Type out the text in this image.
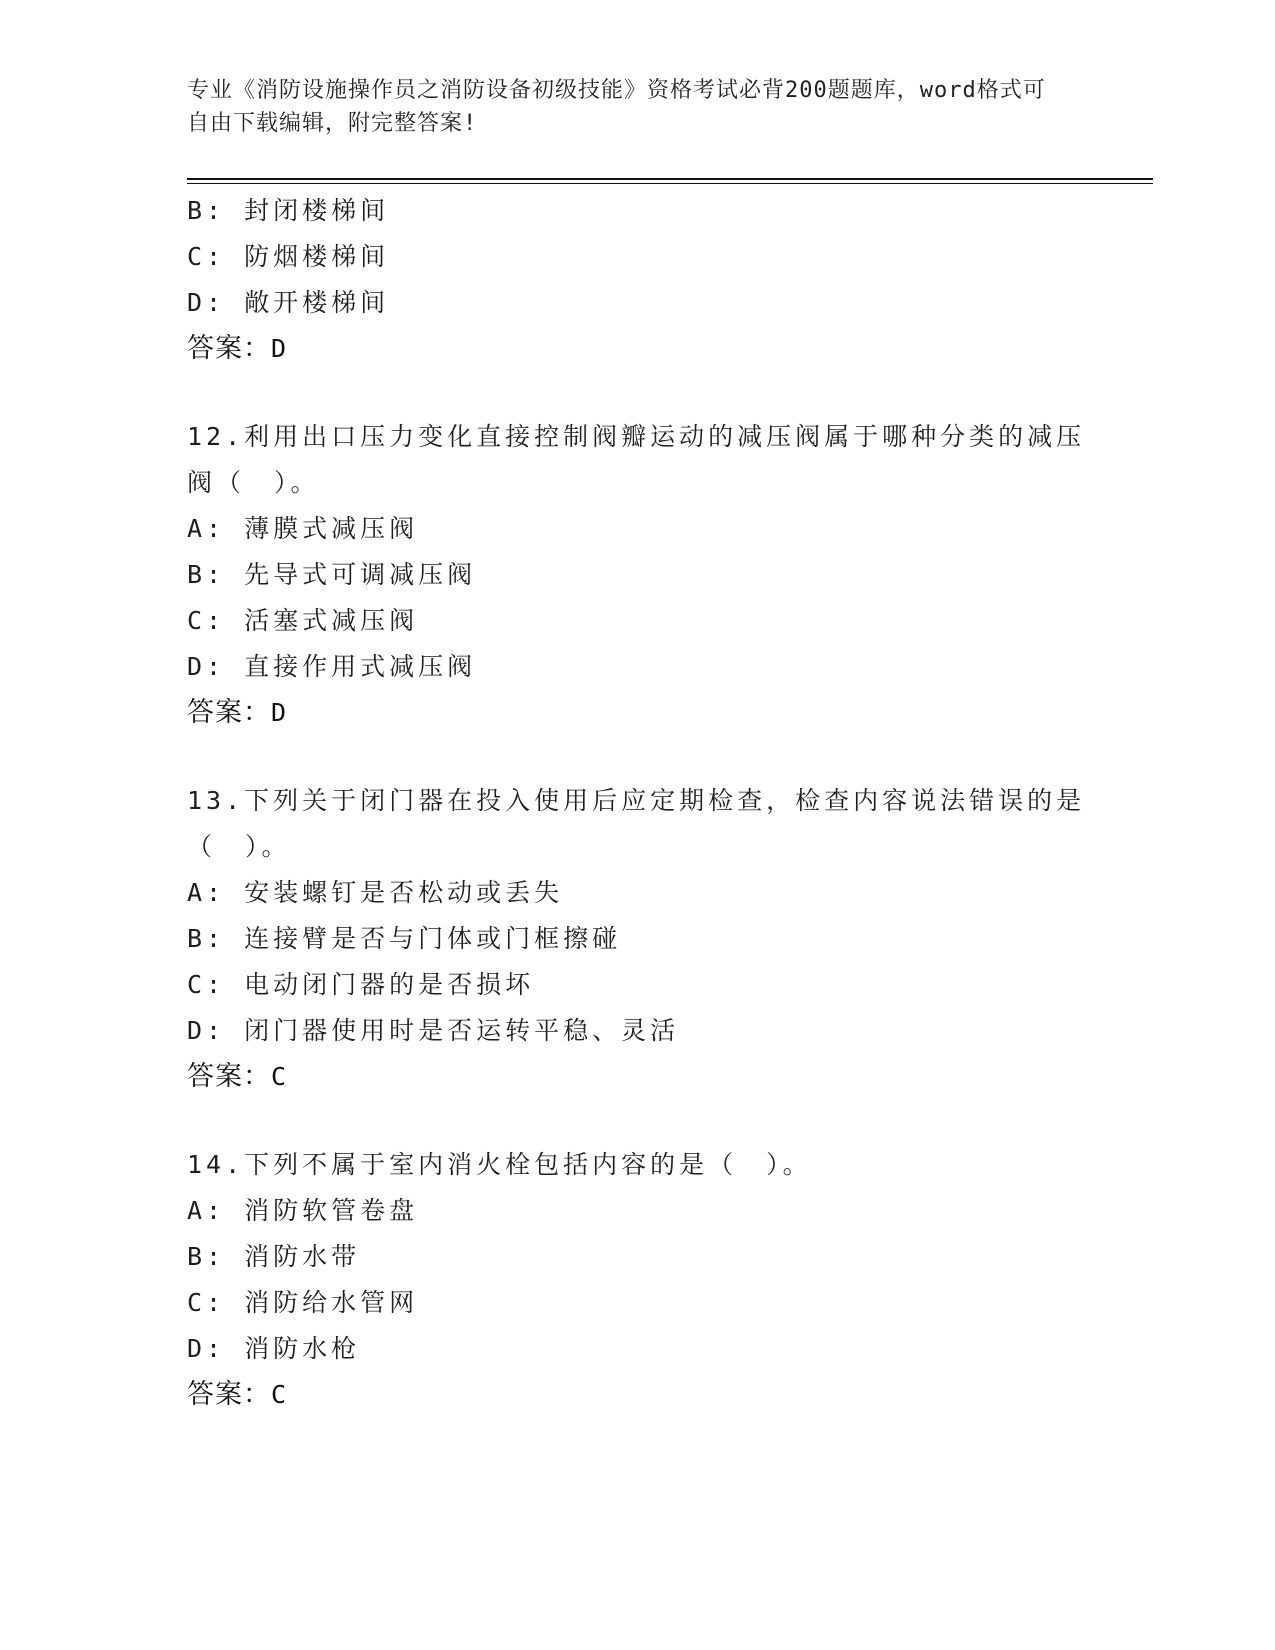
专业《消防设施操作员之消防设备初级技能》资格考试必背200题题库，word格式可自由下载编辑，附完整答案!
B: 封闭楼梯间
C: 防烟楼梯间
D: 敞开楼梯间
答案：D
12.利用出口压力变化直接控制阀瓣运动的减压阀属于哪种分类的减压
阀（　）。
A: 薄膜式减压阀
B: 先导式可调减压阀
C: 活塞式减压阀
D: 直接作用式减压阀
答案：D
13.下列关于闭门器在投入使用后应定期检查，检查内容说法错误的是
（　）。
A: 安装螺钉是否松动或丢失
B: 连接臂是否与门体或门框擦碰
C: 电动闭门器的是否损坏
D: 闭门器使用时是否运转平稳、灵活
答案：C
14.下列不属于室内消火栓包括内容的是（　）。
A: 消防软管卷盘
B: 消防水带
C: 消防给水管网
D: 消防水枪
答案：C
